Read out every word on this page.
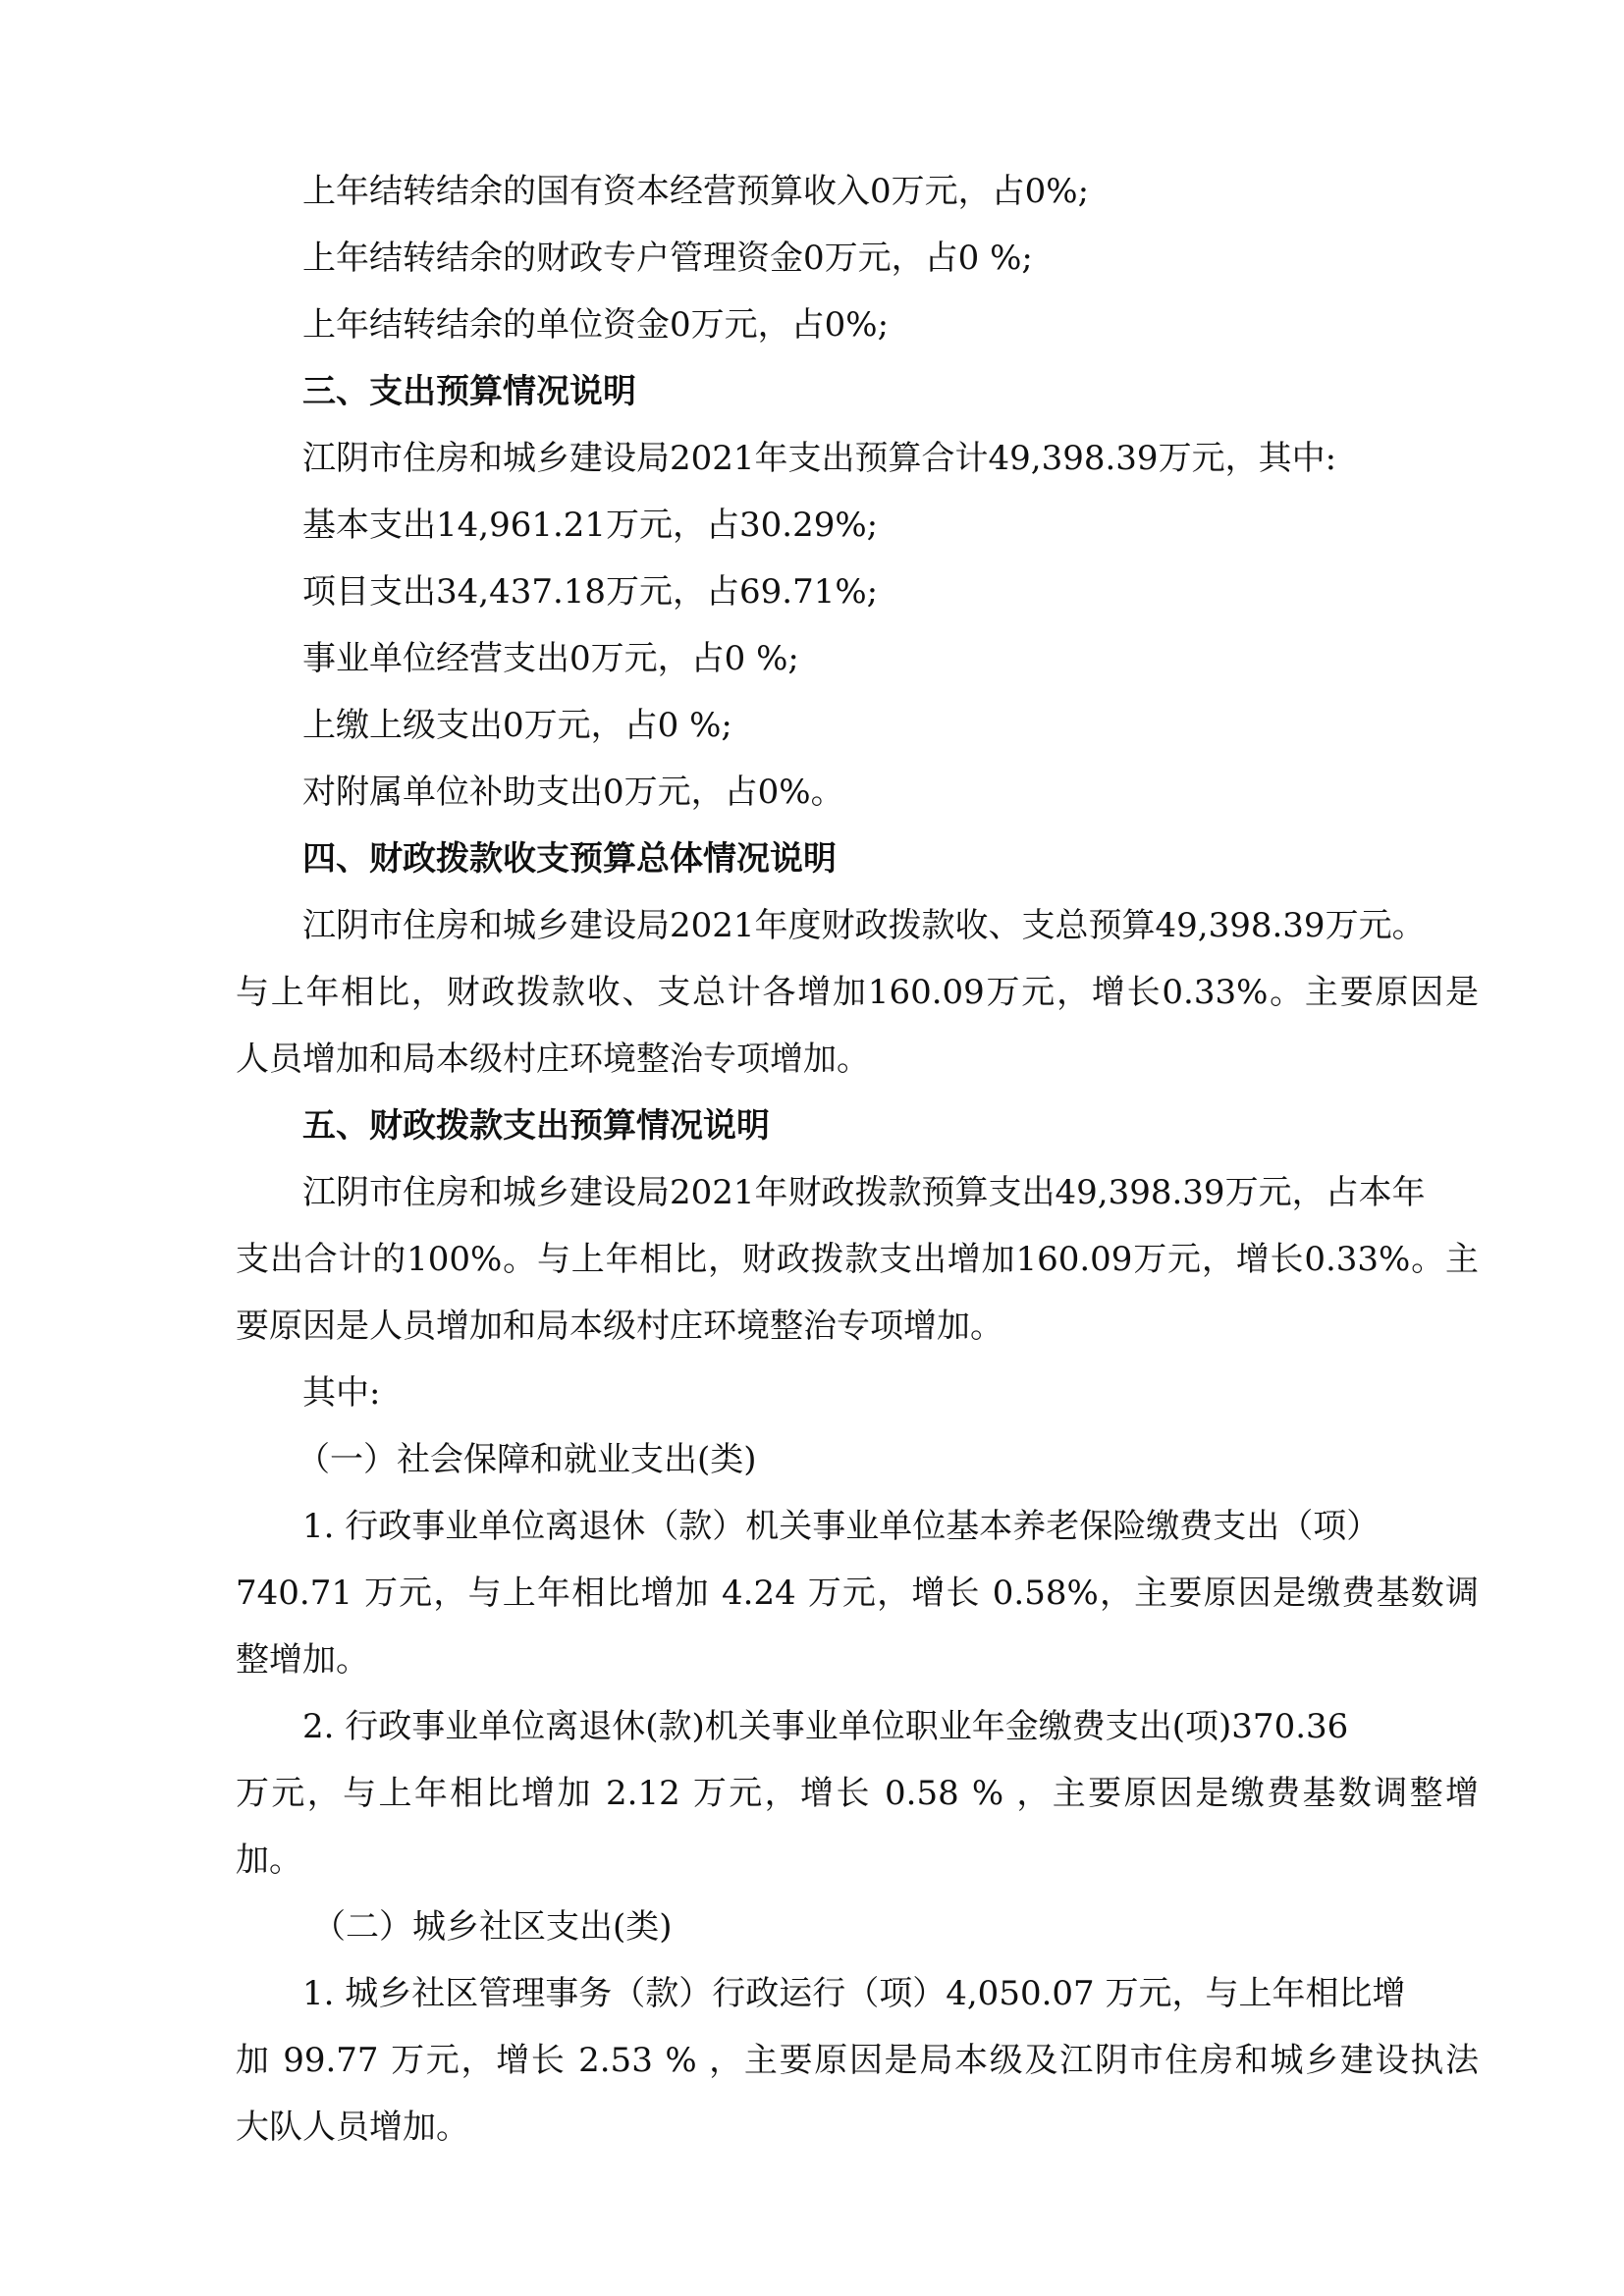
上年结转结余的国有资本经营预算收入0万元，占0%;

上年结转结余的财政专户管理资金0万元，占0 %;

上年结转结余的单位资金0万元，占0%;

三、支出预算情况说明

江阴市住房和城乡建设局2021年支出预算合计49,398.39万元，其中:

基本支出14,961.21万元，占30.29%;

项目支出34,437.18万元，占69.71%;

事业单位经营支出0万元，占0 %;

上缴上级支出0万元，占0 %;

对附属单位补助支出0万元，占0%。

四、财政拨款收支预算总体情况说明

江阴市住房和城乡建设局2021年度财政拨款收、支总预算49,398.39万元。

与上年相比，财政拨款收、支总计各增加160.09万元，增长0.33%。主要原因是

人员增加和局本级村庄环境整治专项增加。

五、财政拨款支出预算情况说明

江阴市住房和城乡建设局2021年财政拨款预算支出49,398.39万元，占本年

支出合计的100%。与上年相比，财政拨款支出增加160.09万元，增长0.33%。主

要原因是人员增加和局本级村庄环境整治专项增加。

其中:

（一）社会保障和就业支出(类)

1. 行政事业单位离退休（款）机关事业单位基本养老保险缴费支出（项）

740.71 万元，与上年相比增加 4.24 万元，增长 0.58%，主要原因是缴费基数调

整增加。

2. 行政事业单位离退休(款)机关事业单位职业年金缴费支出(项)370.36

万元，与上年相比增加 2.12 万元，增长 0.58 % ，主要原因是缴费基数调整增

加。

（二）城乡社区支出(类)

1. 城乡社区管理事务（款）行政运行（项）4,050.07 万元，与上年相比增

加 99.77 万元，增长 2.53 % ，主要原因是局本级及江阴市住房和城乡建设执法

大队人员增加。
